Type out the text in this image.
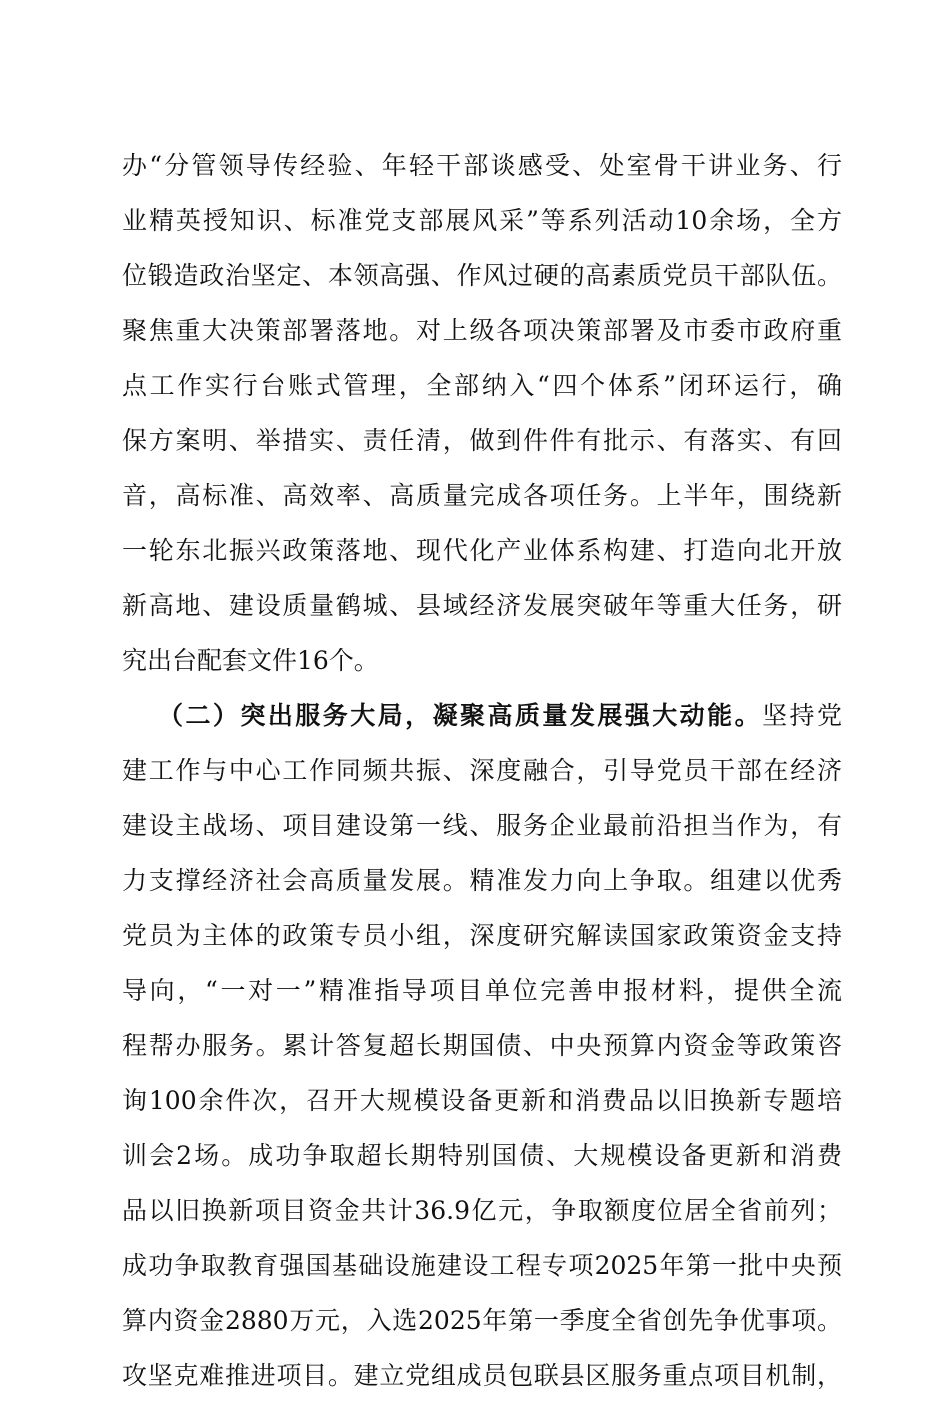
办“分管领导传经验、年轻干部谈感受、处室骨干讲业务、行
业精英授知识、标准党支部展风采”等系列活动10余场，全方
位锻造政治坚定、本领高强、作风过硬的高素质党员干部队伍。
聚焦重大决策部署落地。对上级各项决策部署及市委市政府重
点工作实行台账式管理，全部纳入“四个体系”闭环运行，确
保方案明、举措实、责任清，做到件件有批示、有落实、有回
音，高标准、高效率、高质量完成各项任务。上半年，围绕新
一轮东北振兴政策落地、现代化产业体系构建、打造向北开放
新高地、建设质量鹤城、县域经济发展突破年等重大任务，研
究出台配套文件16个。
（二）突出服务大局，凝聚高质量发展强大动能。坚持党
建工作与中心工作同频共振、深度融合，引导党员干部在经济
建设主战场、项目建设第一线、服务企业最前沿担当作为，有
力支撑经济社会高质量发展。精准发力向上争取。组建以优秀
党员为主体的政策专员小组，深度研究解读国家政策资金支持
导向，“一对一”精准指导项目单位完善申报材料，提供全流
程帮办服务。累计答复超长期国债、中央预算内资金等政策咨
询100余件次，召开大规模设备更新和消费品以旧换新专题培
训会2场。成功争取超长期特别国债、大规模设备更新和消费
品以旧换新项目资金共计36.9亿元，争取额度位居全省前列；
成功争取教育强国基础设施建设工程专项2025年第一批中央预
算内资金2880万元，入选2025年第一季度全省创先争优事项。
攻坚克难推进项目。建立党组成员包联县区服务重点项目机制，
